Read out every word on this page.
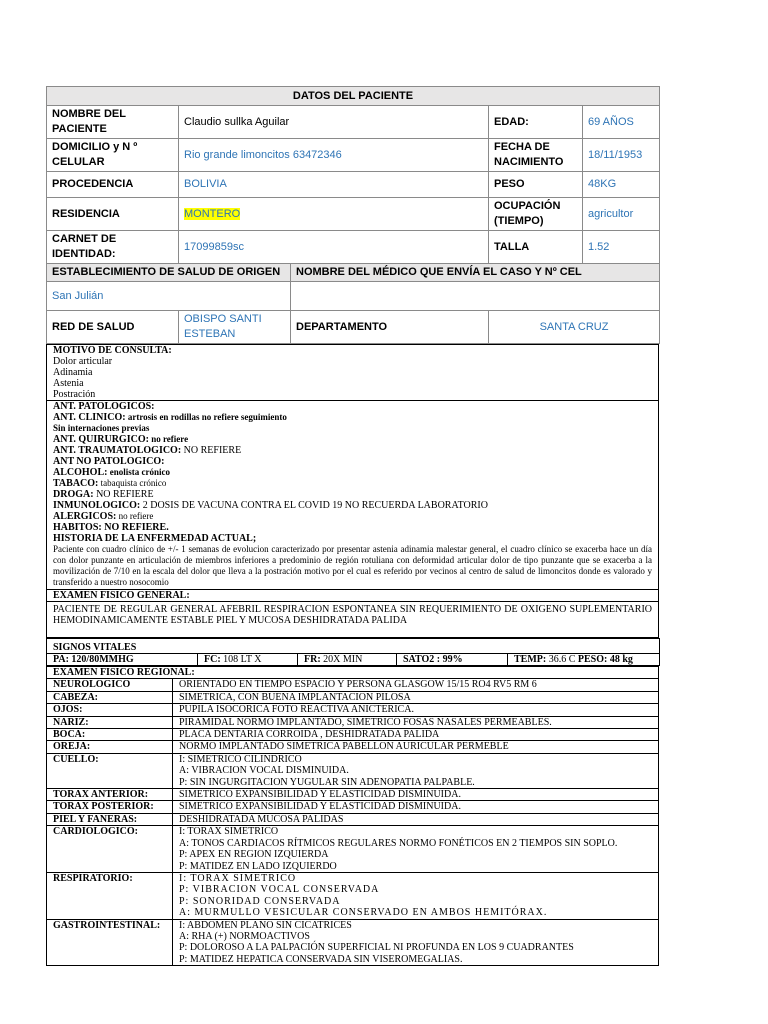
DATOS DEL PACIENTE				
NOMBRE DEL PACIENTE	Claudio sullka Aguilar		EDAD:	69 AÑOS
DOMICILIO y N º CELULAR	Rio grande limoncitos 63472346		FECHA DE NACIMIENTO	18/11/1953
PROCEDENCIA	BOLIVIA		PESO	48KG
RESIDENCIA	MONTERO		OCUPACIÓN (TIEMPO)	agricultor
CARNET DE IDENTIDAD:	17099859sc		TALLA	1.52
ESTABLECIMIENTO DE SALUD DE ORIGEN		NOMBRE DEL MÉDICO QUE ENVÍA EL CASO Y Nº CEL		
San Julián				
RED DE SALUD	OBISPO SANTI ESTEBAN	DEPARTAMENTO	SANTA CRUZ	

MOTIVO DE CONSULTA:

Dolor articular

Adinamia

Astenia

Postración

ANT. PATOLOGICOS:

ANT. CLINICO: artrosis en rodillas no refiere seguimiento

Sin internaciones previas

ANT. QUIRURGICO: no refiere

ANT. TRAUMATOLOGICO: NO REFIERE

ANT NO PATOLOGICO:

ALCOHOL: enolista crónico

TABACO: tabaquista crónico

DROGA: NO REFIERE

INMUNOLOGICO: 2 DOSIS DE VACUNA CONTRA EL COVID 19 NO RECUERDA LABORATORIO

ALERGICOS: no refiere

HABITOS: NO REFIERE.

HISTORIA DE LA ENFERMEDAD ACTUAL;

Paciente con cuadro clínico de +/- 1 semanas de evolucion caracterizado por presentar astenia adinamia malestar general, el cuadro clínico se exacerba hace un día con dolor punzante en articulación de miembros inferiores a predominio de región rotuliana con deformidad articular dolor de tipo punzante que se exacerba a la movilización de 7/10 en la escala del dolor que lleva a la postración motivo por el cual es referido por vecinos al centro de salud de limoncitos donde es valorado y transferido a nuestro nosocomio

EXAMEN FISICO GENERAL:
PACIENTE DE REGULAR GENERAL AFEBRIL RESPIRACION ESPONTANEA SIN REQUERIMIENTO DE OXIGENO SUPLEMENTARIO HEMODINAMICAMENTE ESTABLE PIEL Y MUCOSA DESHIDRATADA PALIDA
SIGNOS VITALES
PA: 120/80MMHG	FC: 108 LT X	FR: 20X MIN	SATO2 : 99%	TEMP: 36.6 C PESO: 48 kg
EXAMEN FISICO REGIONAL:	
NEUROLOGICO	ORIENTADO EN TIEMPO ESPACIO Y PERSONA GLASGOW 15/15 RO4 RV5 RM 6

CABEZA:	SIMETRICA, CON BUENA IMPLANTACION PILOSA

OJOS:	PUPILA ISOCORICA FOTO REACTIVA ANICTERICA.

NARIZ:	PIRAMIDAL NORMO IMPLANTADO, SIMETRICO FOSAS NASALES PERMEABLES.

BOCA:	PLACA DENTARIA CORROIDA , DESHIDRATADA PALIDA

OREJA:	NORMO IMPLANTADO SIMETRICA PABELLON AURICULAR PERMEBLE

CUELLO:	I: SIMETRICO CILINDRICO
A: VIBRACION VOCAL DISMINUIDA.
P: SIN INGURGITACION YUGULAR SIN ADENOPATIA PALPABLE.

TORAX ANTERIOR:	SIMETRICO EXPANSIBILIDAD Y ELASTICIDAD DISMINUIDA.

TORAX POSTERIOR:	SIMETRICO EXPANSIBILIDAD Y ELASTICIDAD DISMINUIDA.

PIEL Y FANERAS:	DESHIDRATADA MUCOSA PALIDAS

CARDIOLOGICO:	I: TORAX SIMETRICO
A: TONOS CARDIACOS RÍTMICOS REGULARES NORMO FONÉTICOS EN 2 TIEMPOS SIN SOPLO.
P: APEX EN REGION IZQUIERDA
P: MATIDEZ EN LADO IZQUIERDO

RESPIRATORIO:	I: TORAX SIMETRICO
P: VIBRACION VOCAL CONSERVADA
P: SONORIDAD CONSERVADA
A: MURMULLO VESICULAR CONSERVADO EN AMBOS HEMITÓRAX.

GASTROINTESTINAL:	I: ABDOMEN PLANO SIN CICATRICES
A: RHA (+) NORMOACTIVOS
P: DOLOROSO A LA PALPACIÓN SUPERFICIAL NI PROFUNDA EN LOS 9 CUADRANTES
P: MATIDEZ HEPATICA CONSERVADA SIN VISEROMEGALIAS.
